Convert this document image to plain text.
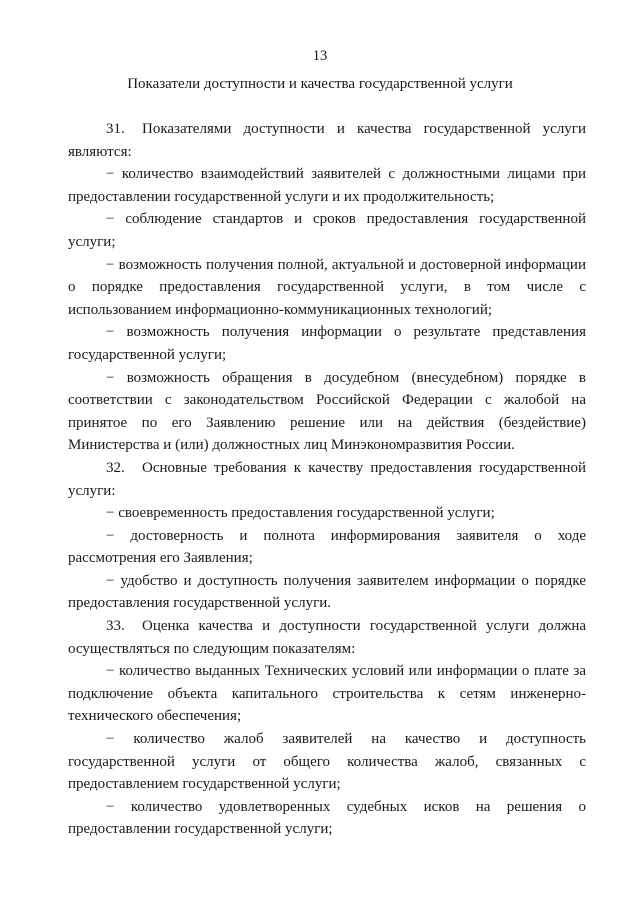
13
Показатели доступности и качества государственной услуги

31. Показателями доступности и качества государственной услуги являются:

− количество взаимодействий заявителей с должностными лицами при предоставлении государственной услуги и их продолжительность;

− соблюдение стандартов и сроков предоставления государственной услуги;

− возможность получения полной, актуальной и достоверной информации о порядке предоставления государственной услуги, в том числе с использованием информационно-коммуникационных технологий;

− возможность получения информации о результате представления государственной услуги;

− возможность обращения в досудебном (внесудебном) порядке в соответствии с законодательством Российской Федерации с жалобой на принятое по его Заявлению решение или на действия (бездействие) Министерства и (или) должностных лиц Минэкономразвития России.

32. Основные требования к качеству предоставления государственной услуги:

− своевременность предоставления государственной услуги;

− достоверность и полнота информирования заявителя о ходе рассмотрения его Заявления;

− удобство и доступность получения заявителем информации о порядке предоставления государственной услуги.

33. Оценка качества и доступности государственной услуги должна осуществляться по следующим показателям:

− количество выданных Технических условий или информации о плате за подключение объекта капитального строительства к сетям инженерно-технического обеспечения;

− количество жалоб заявителей на качество и доступность государственной услуги от общего количества жалоб, связанных с предоставлением государственной услуги;

− количество удовлетворенных судебных исков на решения о предоставлении государственной услуги;
